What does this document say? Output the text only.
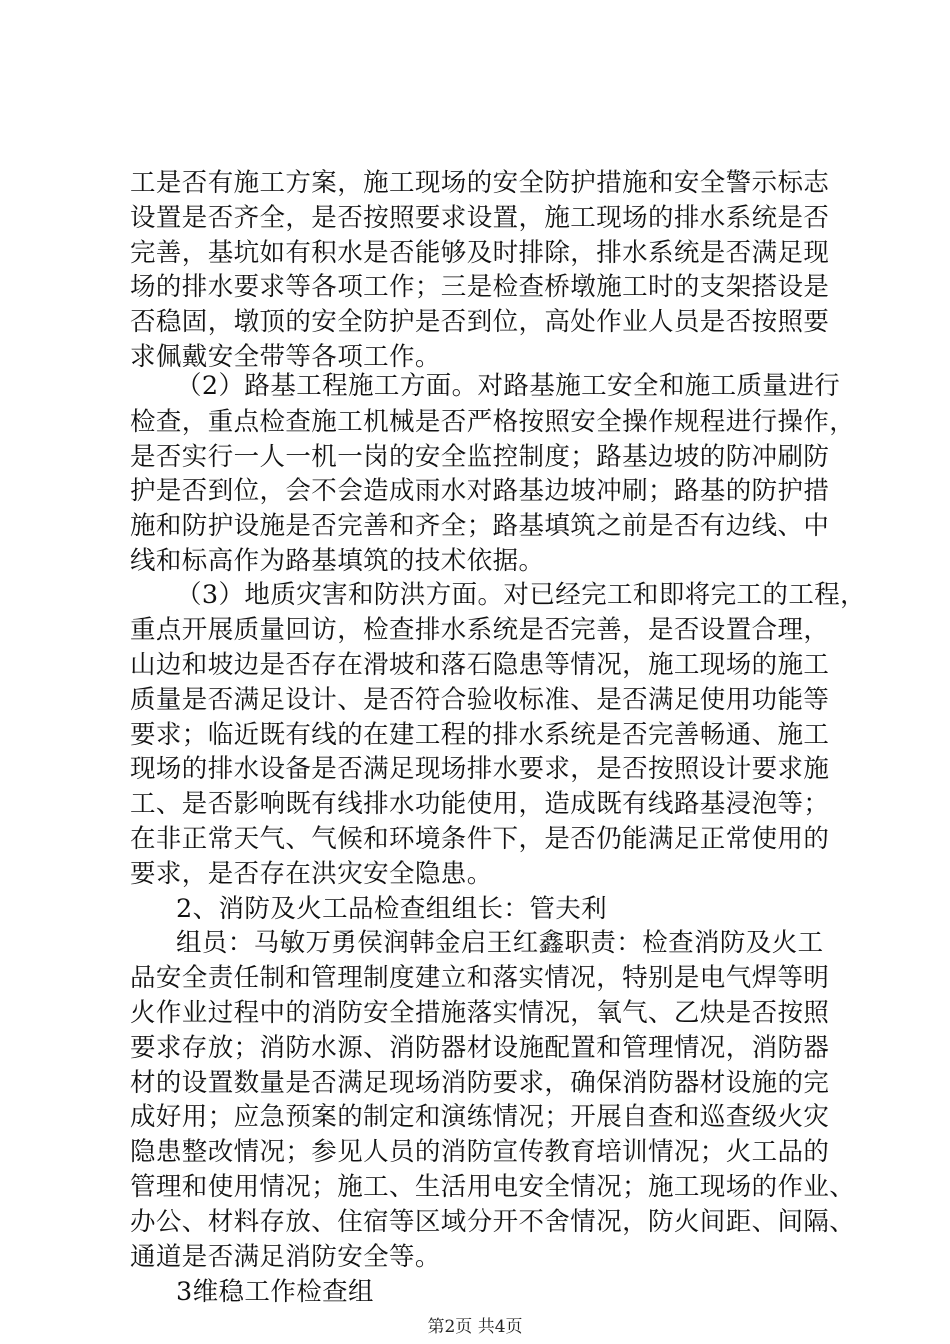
工是否有施工方案，施工现场的安全防护措施和安全警示标志
设置是否齐全，是否按照要求设置，施工现场的排水系统是否
完善，基坑如有积水是否能够及时排除，排水系统是否满足现
场的排水要求等各项工作；三是检查桥墩施工时的支架搭设是
否稳固，墩顶的安全防护是否到位，高处作业人员是否按照要
求佩戴安全带等各项工作。
（2）路基工程施工方面。对路基施工安全和施工质量进行
检查，重点检查施工机械是否严格按照安全操作规程进行操作，
是否实行一人一机一岗的安全监控制度；路基边坡的防冲刷防
护是否到位，会不会造成雨水对路基边坡冲刷；路基的防护措
施和防护设施是否完善和齐全；路基填筑之前是否有边线、中
线和标高作为路基填筑的技术依据。
（3）地质灾害和防洪方面。对已经完工和即将完工的工程，
重点开展质量回访，检查排水系统是否完善，是否设置合理，
山边和坡边是否存在滑坡和落石隐患等情况，施工现场的施工
质量是否满足设计、是否符合验收标准、是否满足使用功能等
要求；临近既有线的在建工程的排水系统是否完善畅通、施工
现场的排水设备是否满足现场排水要求，是否按照设计要求施
工、是否影响既有线排水功能使用，造成既有线路基浸泡等；
在非正常天气、气候和环境条件下，是否仍能满足正常使用的
要求，是否存在洪灾安全隐患。
2、消防及火工品检查组组长：管夫利
组员：马敏万勇侯润韩金启王红鑫职责：检查消防及火工
品安全责任制和管理制度建立和落实情况，特别是电气焊等明
火作业过程中的消防安全措施落实情况，氧气、乙炔是否按照
要求存放；消防水源、消防器材设施配置和管理情况，消防器
材的设置数量是否满足现场消防要求，确保消防器材设施的完
成好用；应急预案的制定和演练情况；开展自查和巡查级火灾
隐患整改情况；参见人员的消防宣传教育培训情况；火工品的
管理和使用情况；施工、生活用电安全情况；施工现场的作业、
办公、材料存放、住宿等区域分开不舍情况，防火间距、间隔、
通道是否满足消防安全等。
第2页 共4页
3维稳工作检查组
